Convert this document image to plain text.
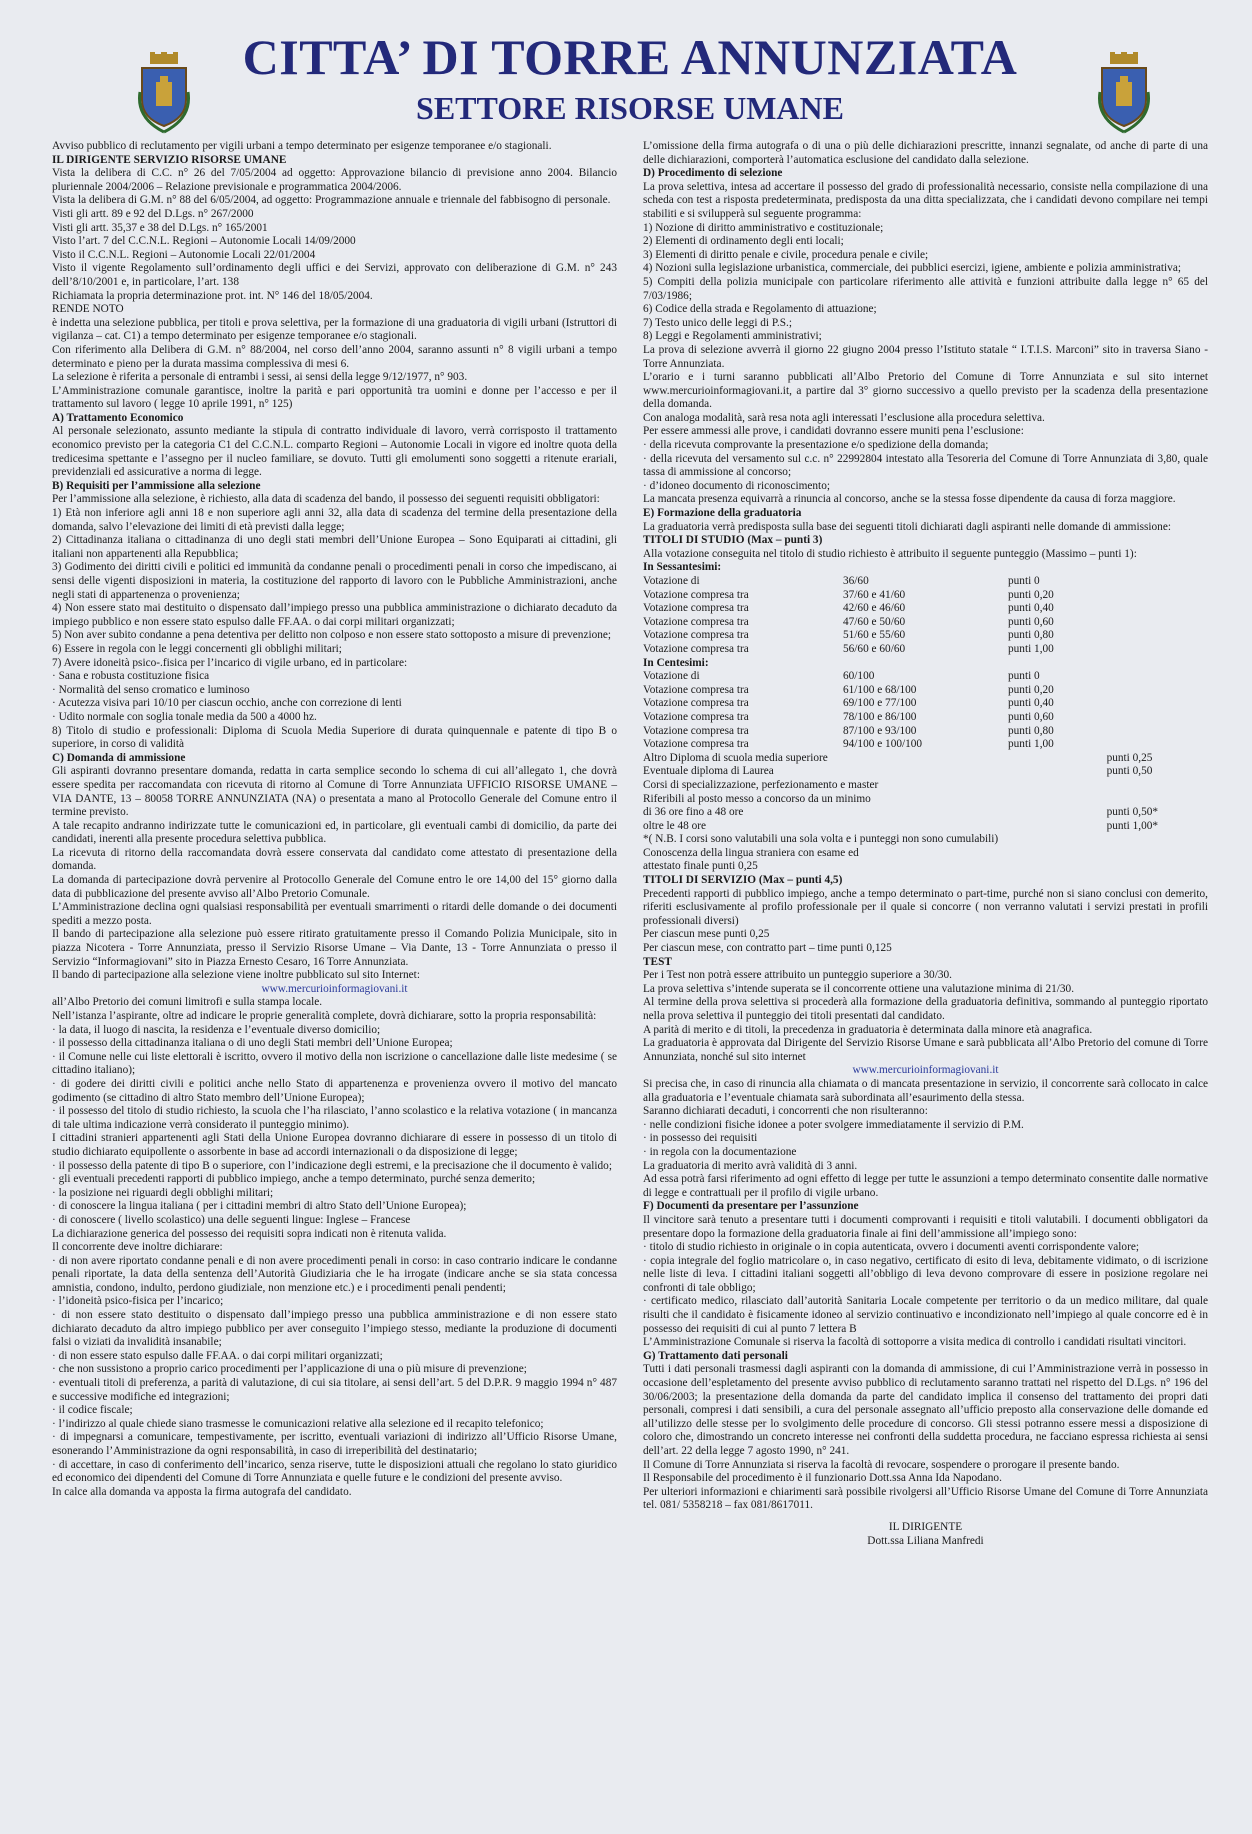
CITTA’ DI TORRE ANNUNZIATA
SETTORE RISORSE UMANE

Avviso pubblico di reclutamento per vigili urbani a tempo determinato per esigenze temporanee e/o stagionali.

IL DIRIGENTE SERVIZIO RISORSE UMANE

Vista la delibera di C.C. n° 26 del 7/05/2004 ad oggetto: Approvazione bilancio di previsione anno 2004. Bilancio pluriennale 2004/2006 – Relazione previsionale e programmatica 2004/2006.

Vista la delibera di G.M. n° 88 del 6/05/2004, ad oggetto: Programmazione annuale e triennale del fabbisogno di personale.

Visti gli artt. 89 e 92 del D.Lgs. n° 267/2000

Visti gli artt. 35,37 e 38 del D.Lgs. n° 165/2001

Visto l’art. 7 del C.C.N.L. Regioni – Autonomie Locali 14/09/2000

Visto il C.C.N.L. Regioni – Autonomie Locali 22/01/2004

Visto il vigente Regolamento sull’ordinamento degli uffici e dei Servizi, approvato con deliberazione di G.M. n° 243 dell’8/10/2001 e, in particolare, l’art. 138

Richiamata la propria determinazione prot. int. N° 146 del 18/05/2004.

RENDE NOTO

è indetta una selezione pubblica, per titoli e prova selettiva, per la formazione di una graduatoria di vigili urbani (Istruttori di vigilanza – cat. C1) a tempo determinato per esigenze temporanee e/o stagionali.

Con riferimento alla Delibera di G.M. n° 88/2004, nel corso dell’anno 2004, saranno assunti n° 8 vigili urbani a tempo determinato e pieno per la durata massima complessiva di mesi 6.

La selezione è riferita a personale di entrambi i sessi, ai sensi della legge 9/12/1977, n° 903.

L’Amministrazione comunale garantisce, inoltre la parità e pari opportunità tra uomini e donne per l’accesso e per il trattamento sul lavoro ( legge 10 aprile 1991, n° 125)

A) Trattamento Economico

Al personale selezionato, assunto mediante la stipula di contratto individuale di lavoro, verrà corrisposto il trattamento economico previsto per la categoria C1 del C.C.N.L. comparto Regioni – Autonomie Locali in vigore ed inoltre quota della tredicesima spettante e l’assegno per il nucleo familiare, se dovuto. Tutti gli emolumenti sono soggetti a ritenute erariali, previdenziali ed assicurative a norma di legge.

B) Requisiti per l’ammissione alla selezione

Per l’ammissione alla selezione, è richiesto, alla data di scadenza del bando, il possesso dei seguenti requisiti obbligatori:

1) Età non inferiore agli anni 18 e non superiore agli anni 32, alla data di scadenza del termine della presentazione della domanda, salvo l’elevazione dei limiti di età previsti dalla legge;

2) Cittadinanza italiana o cittadinanza di uno degli stati membri dell’Unione Europea – Sono Equiparati ai cittadini, gli italiani non appartenenti alla Repubblica;

3) Godimento dei diritti civili e politici ed immunità da condanne penali o procedimenti penali in corso che impediscano, ai sensi delle vigenti disposizioni in materia, la costituzione del rapporto di lavoro con le Pubbliche Amministrazioni, anche negli stati di appartenenza o provenienza;

4) Non essere stato mai destituito o dispensato dall’impiego presso una pubblica amministrazione o dichiarato decaduto da impiego pubblico e non essere stato espulso dalle FF.AA. o dai corpi militari organizzati;

5) Non aver subito condanne a pena detentiva per delitto non colposo e non essere stato sottoposto a misure di prevenzione;

6) Essere in regola con le leggi concernenti gli obblighi militari;

7) Avere idoneità psico-.fisica per l’incarico di vigile urbano, ed in particolare:

· Sana e robusta costituzione fisica

· Normalità del senso cromatico e luminoso

· Acutezza visiva pari 10/10 per ciascun occhio, anche con correzione di lenti

· Udito normale con soglia tonale media da 500 a 4000 hz.

8) Titolo di studio e professionali: Diploma di Scuola Media Superiore di durata quinquennale e patente di tipo B o superiore, in corso di validità

C) Domanda di ammissione

Gli aspiranti dovranno presentare domanda, redatta in carta semplice secondo lo schema di cui all’allegato 1, che dovrà essere spedita per raccomandata con ricevuta di ritorno al Comune di Torre Annunziata UFFICIO RISORSE UMANE – VIA DANTE, 13 – 80058 TORRE ANNUNZIATA (NA) o presentata a mano al Protocollo Generale del Comune entro il termine previsto.

A tale recapito andranno indirizzate tutte le comunicazioni ed, in particolare, gli eventuali cambi di domicilio, da parte dei candidati, inerenti alla presente procedura selettiva pubblica.

La ricevuta di ritorno della raccomandata dovrà essere conservata dal candidato come attestato di presentazione della domanda.

La domanda di partecipazione dovrà pervenire al Protocollo Generale del Comune entro le ore 14,00 del 15° giorno dalla data di pubblicazione del presente avviso all’Albo Pretorio Comunale.

L’Amministrazione declina ogni qualsiasi responsabilità per eventuali smarrimenti o ritardi delle domande o dei documenti spediti a mezzo posta.

Il bando di partecipazione alla selezione può essere ritirato gratuitamente presso il Comando Polizia Municipale, sito in piazza Nicotera - Torre Annunziata, presso il Servizio Risorse Umane – Via Dante, 13 - Torre Annunziata o presso il Servizio “Informagiovani” sito in Piazza Ernesto Cesaro, 16 Torre Annunziata.

Il bando di partecipazione alla selezione viene inoltre pubblicato sul sito Internet:

www.mercurioinformagiovani.it

all’Albo Pretorio dei comuni limitrofi e sulla stampa locale.

Nell’istanza l’aspirante, oltre ad indicare le proprie generalità complete, dovrà dichiarare, sotto la propria responsabilità:

· la data, il luogo di nascita, la residenza e l’eventuale diverso domicilio;

· il possesso della cittadinanza italiana o di uno degli Stati membri dell’Unione Europea;

· il Comune nelle cui liste elettorali è iscritto, ovvero il motivo della non iscrizione o cancellazione dalle liste medesime ( se cittadino italiano);

· di godere dei diritti civili e politici anche nello Stato di appartenenza e provenienza ovvero il motivo del mancato godimento (se cittadino di altro Stato membro dell’Unione Europea);

· il possesso del titolo di studio richiesto, la scuola che l’ha rilasciato, l’anno scolastico e la relativa votazione ( in mancanza di tale ultima indicazione verrà considerato il punteggio minimo).

I cittadini stranieri appartenenti agli Stati della Unione Europea dovranno dichiarare di essere in possesso di un titolo di studio dichiarato equipollente o assorbente in base ad accordi internazionali o da disposizione di legge;

· il possesso della patente di tipo B o superiore, con l’indicazione degli estremi, e la precisazione che il documento è valido;

· gli eventuali precedenti rapporti di pubblico impiego, anche a tempo determinato, purché senza demerito;

· la posizione nei riguardi degli obblighi militari;

· di conoscere la lingua italiana ( per i cittadini membri di altro Stato dell’Unione Europea);

· di conoscere ( livello scolastico) una delle seguenti lingue: Inglese – Francese

La dichiarazione generica del possesso dei requisiti sopra indicati non è ritenuta valida.

Il concorrente deve inoltre dichiarare:

· di non avere riportato condanne penali e di non avere procedimenti penali in corso: in caso contrario indicare le condanne penali riportate, la data della sentenza dell’Autorità Giudiziaria che le ha irrogate (indicare anche se sia stata concessa amnistia, condono, indulto, perdono giudiziale, non menzione etc.) e i procedimenti penali pendenti;

· l’idoneità psico-fisica per l’incarico;

· di non essere stato destituito o dispensato dall’impiego presso una pubblica amministrazione e di non essere stato dichiarato decaduto da altro impiego pubblico per aver conseguito l’impiego stesso, mediante la produzione di documenti falsi o viziati da invalidità insanabile;

· di non essere stato espulso dalle FF.AA. o dai corpi militari organizzati;

· che non sussistono a proprio carico procedimenti per l’applicazione di una o più misure di prevenzione;

· eventuali titoli di preferenza, a parità di valutazione, di cui sia titolare, ai sensi dell’art. 5 del D.P.R. 9 maggio 1994 n° 487 e successive modifiche ed integrazioni;

· il codice fiscale;

· l’indirizzo al quale chiede siano trasmesse le comunicazioni relative alla selezione ed il recapito telefonico;

· di impegnarsi a comunicare, tempestivamente, per iscritto, eventuali variazioni di indirizzo all’Ufficio Risorse Umane, esonerando l’Amministrazione da ogni responsabilità, in caso di irreperibilità del destinatario;

· di accettare, in caso di conferimento dell’incarico, senza riserve, tutte le disposizioni attuali che regolano lo stato giuridico ed economico dei dipendenti del Comune di Torre Annunziata e quelle future e le condizioni del presente avviso.

In calce alla domanda va apposta la firma autografa del candidato.

L’omissione della firma autografa o di una o più delle dichiarazioni prescritte, innanzi segnalate, od anche di parte di una delle dichiarazioni, comporterà l’automatica esclusione del candidato dalla selezione.

D) Procedimento di selezione

La prova selettiva, intesa ad accertare il possesso del grado di professionalità necessario, consiste nella compilazione di una scheda con test a risposta predeterminata, predisposta da una ditta specializzata, che i candidati devono compilare nei tempi stabiliti e si svilupperà sul seguente programma:

1) Nozione di diritto amministrativo e costituzionale;

2) Elementi di ordinamento degli enti locali;

3) Elementi di diritto penale e civile, procedura penale e civile;

4) Nozioni sulla legislazione urbanistica, commerciale, dei pubblici esercizi, igiene, ambiente e polizia amministrativa;

5) Compiti della polizia municipale con particolare riferimento alle attività e funzioni attribuite dalla legge n° 65 del 7/03/1986;

6) Codice della strada e Regolamento di attuazione;

7) Testo unico delle leggi di P.S.;

8) Leggi e Regolamenti amministrativi;

La prova di selezione avverrà il giorno 22 giugno 2004 presso l’Istituto statale “ I.T.I.S. Marconi” sito in traversa Siano - Torre Annunziata.

L’orario e i turni saranno pubblicati all’Albo Pretorio del Comune di Torre Annunziata e sul sito internet www.mercurioinformagiovani.it, a partire dal 3° giorno successivo a quello previsto per la scadenza della presentazione della domanda.

Con analoga modalità, sarà resa nota agli interessati l’esclusione alla procedura selettiva.

Per essere ammessi alle prove, i candidati dovranno essere muniti pena l’esclusione:

· della ricevuta comprovante la presentazione e/o spedizione della domanda;

· della ricevuta del versamento sul c.c. n° 22992804 intestato alla Tesoreria del Comune di Torre Annunziata di 3,80, quale tassa di ammissione al concorso;

· d’idoneo documento di riconoscimento;

La mancata presenza equivarrà a rinuncia al concorso, anche se la stessa fosse dipendente da causa di forza maggiore.

E) Formazione della graduatoria

La graduatoria verrà predisposta sulla base dei seguenti titoli dichiarati dagli aspiranti nelle domande di ammissione:

TITOLI DI STUDIO (Max – punti 3)

Alla votazione conseguita nel titolo di studio richiesto è attribuito il seguente punteggio (Massimo – punti 1):

In Sessantesimi:

Votazione di	36/60	punti 0
Votazione compresa tra	37/60 e 41/60	punti 0,20
Votazione compresa tra	42/60 e 46/60	punti 0,40
Votazione compresa tra	47/60 e 50/60	punti 0,60
Votazione compresa tra	51/60 e 55/60	punti 0,80
Votazione compresa tra	56/60 e 60/60	punti 1,00

In Centesimi:

Votazione di	60/100	punti 0
Votazione compresa tra	61/100 e 68/100	punti 0,20
Votazione compresa tra	69/100 e 77/100	punti 0,40
Votazione compresa tra	78/100 e 86/100	punti 0,60
Votazione compresa tra	87/100 e 93/100	punti 0,80
Votazione compresa tra	94/100 e 100/100	punti 1,00
Altro Diploma di scuola media superiore	punti 0,25
Eventuale diploma di Laurea	punti 0,50
Corsi di specializzazione, perfezionamento e master	
Riferibili al posto messo a concorso da un minimo	
di 36 ore fino a 48 ore	punti 0,50*
oltre le 48 ore	punti 1,00*

*( N.B. I corsi sono valutabili una sola volta e i punteggi non sono cumulabili)

Conoscenza della lingua straniera con esame ed

attestato finale punti 0,25

TITOLI DI SERVIZIO (Max – punti 4,5)

Precedenti rapporti di pubblico impiego, anche a tempo determinato o part-time, purché non si siano conclusi con demerito, riferiti esclusivamente al profilo professionale per il quale si concorre ( non verranno valutati i servizi prestati in profili professionali diversi)

Per ciascun mese punti 0,25

Per ciascun mese, con contratto part – time punti 0,125

TEST

Per i Test non potrà essere attribuito un punteggio superiore a 30/30.

La prova selettiva s’intende superata se il concorrente ottiene una valutazione minima di 21/30.

Al termine della prova selettiva si procederà alla formazione della graduatoria definitiva, sommando al punteggio riportato nella prova selettiva il punteggio dei titoli presentati dal candidato.

A parità di merito e di titoli, la precedenza in graduatoria è determinata dalla minore età anagrafica.

La graduatoria è approvata dal Dirigente del Servizio Risorse Umane e sarà pubblicata all’Albo Pretorio del comune di Torre Annunziata, nonché sul sito internet

www.mercurioinformagiovani.it

Si precisa che, in caso di rinuncia alla chiamata o di mancata presentazione in servizio, il concorrente sarà collocato in calce alla graduatoria e l’eventuale chiamata sarà subordinata all’esaurimento della stessa.

Saranno dichiarati decaduti, i concorrenti che non risulteranno:

· nelle condizioni fisiche idonee a poter svolgere immediatamente il servizio di P.M.

· in possesso dei requisiti

· in regola con la documentazione

La graduatoria di merito avrà validità di 3 anni.

Ad essa potrà farsi riferimento ad ogni effetto di legge per tutte le assunzioni a tempo determinato consentite dalle normative di legge e contrattuali per il profilo di vigile urbano.

F) Documenti da presentare per l’assunzione

Il vincitore sarà tenuto a presentare tutti i documenti comprovanti i requisiti e titoli valutabili. I documenti obbligatori da presentare dopo la formazione della graduatoria finale ai fini dell’ammissione all’impiego sono:

· titolo di studio richiesto in originale o in copia autenticata, ovvero i documenti aventi corrispondente valore;

· copia integrale del foglio matricolare o, in caso negativo, certificato di esito di leva, debitamente vidimato, o di iscrizione nelle liste di leva. I cittadini italiani soggetti all’obbligo di leva devono comprovare di essere in posizione regolare nei confronti di tale obbligo;

· certificato medico, rilasciato dall’autorità Sanitaria Locale competente per territorio o da un medico militare, dal quale risulti che il candidato è fisicamente idoneo al servizio continuativo e incondizionato nell’impiego al quale concorre ed è in possesso dei requisiti di cui al punto 7 lettera B

L’Amministrazione Comunale si riserva la facoltà di sottoporre a visita medica di controllo i candidati risultati vincitori.

G) Trattamento dati personali

Tutti i dati personali trasmessi dagli aspiranti con la domanda di ammissione, di cui l’Amministrazione verrà in possesso in occasione dell’espletamento del presente avviso pubblico di reclutamento saranno trattati nel rispetto del D.Lgs. n° 196 del 30/06/2003; la presentazione della domanda da parte del candidato implica il consenso del trattamento dei propri dati personali, compresi i dati sensibili, a cura del personale assegnato all’ufficio preposto alla conservazione delle domande ed all’utilizzo delle stesse per lo svolgimento delle procedure di concorso. Gli stessi potranno essere messi a disposizione di coloro che, dimostrando un concreto interesse nei confronti della suddetta procedura, ne facciano espressa richiesta ai sensi dell’art. 22 della legge 7 agosto 1990, n° 241.

Il Comune di Torre Annunziata si riserva la facoltà di revocare, sospendere o prorogare il presente bando.

Il Responsabile del procedimento è il funzionario Dott.ssa Anna Ida Napodano.

Per ulteriori informazioni e chiarimenti sarà possibile rivolgersi all’Ufficio Risorse Umane del Comune di Torre Annunziata tel. 081/ 5358218 – fax 081/8617011.

IL DIRIGENTE

Dott.ssa Liliana Manfredi
